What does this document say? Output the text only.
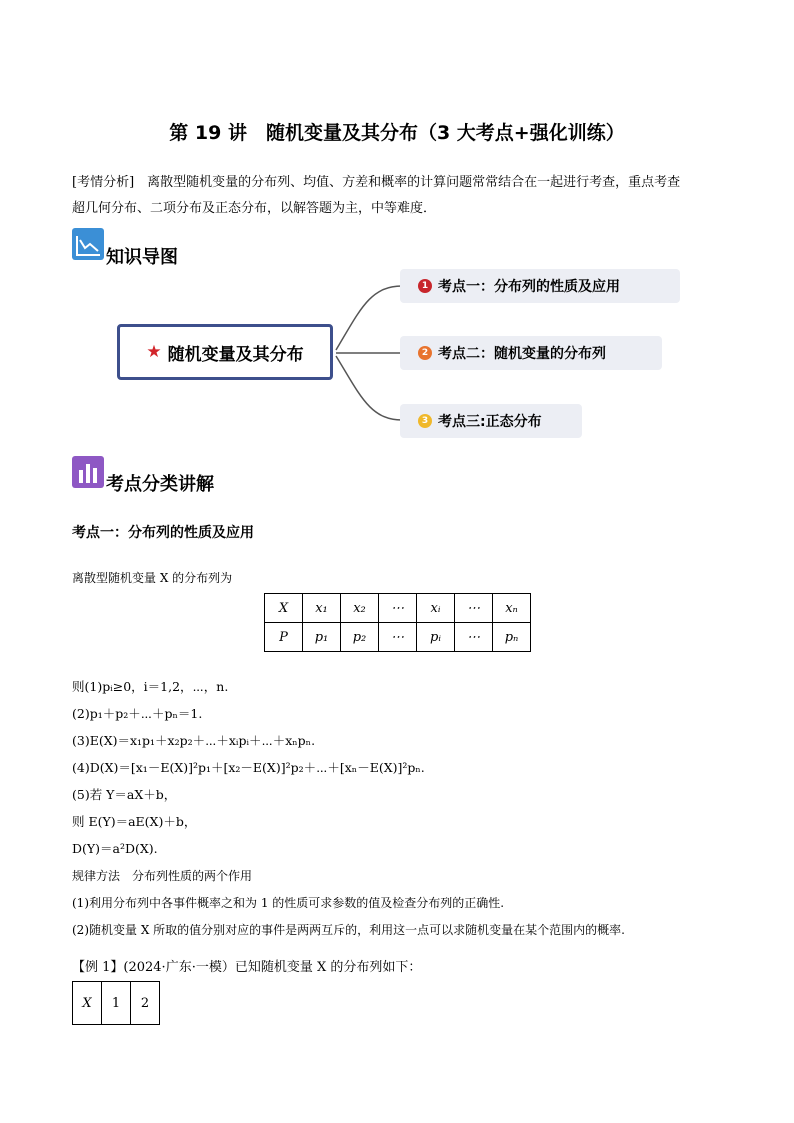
第 19 讲　随机变量及其分布（3 大考点+强化训练）
[考情分析]　 离散型随机变量的分布列、均值、方差和概率的计算问题常常结合在一起进行考查，重点考查
超几何分布、二项分布及正态分布，以解答题为主，中等难度．
知识导图
★ 随机变量及其分布
1 考点一：分布列的性质及应用
2 考点二：随机变量的分布列
3 考点三:正态分布
考点分类讲解
考点一：分布列的性质及应用
离散型随机变量 X 的分布列为
X	x₁	x₂	⋯	xᵢ	⋯	xₙ
P	p₁	p₂	⋯	pᵢ	⋯	pₙ
则(1)pᵢ≥0，i＝1,2，⋯，n.
(2)p₁＋p₂＋⋯＋pₙ＝1.
(3)E(X)＝x₁p₁＋x₂p₂＋⋯＋xᵢpᵢ＋⋯＋xₙpₙ.
(4)D(X)＝[x₁－E(X)]²p₁＋[x₂－E(X)]²p₂＋⋯＋[xₙ－E(X)]²pₙ.
(5)若 Y＝aX＋b，
则 E(Y)＝aE(X)＋b，
D(Y)＝a²D(X).
规律方法　分布列性质的两个作用
(1)利用分布列中各事件概率之和为 1 的性质可求参数的值及检查分布列的正确性.
(2)随机变量 X 所取的值分别对应的事件是两两互斥的，利用这一点可以求随机变量在某个范围内的概率.
【例 1】(2024·广东·一模）已知随机变量 X 的分布列如下：
X	1	2
